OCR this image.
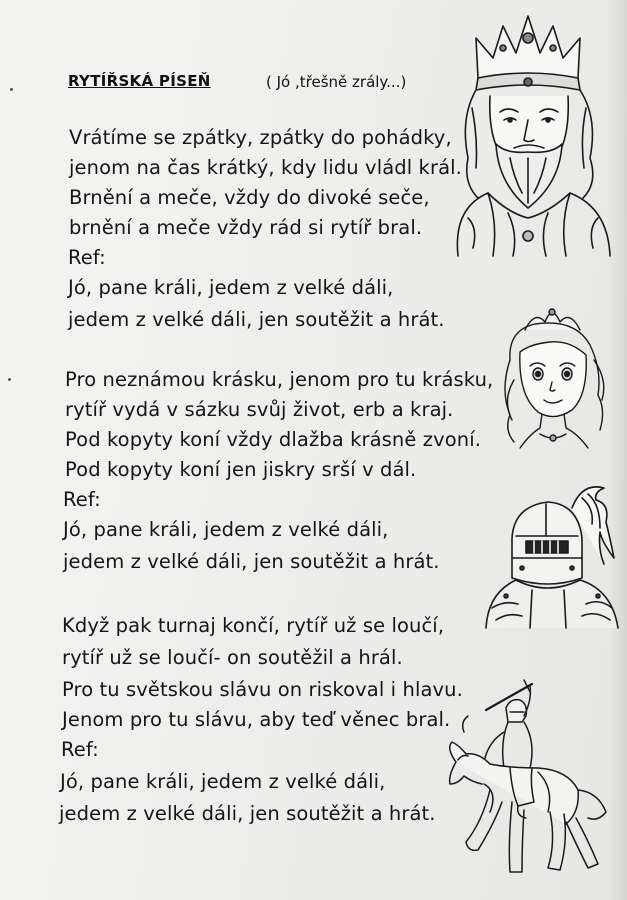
RYTÍŘSKÁ PÍSEŇ	( Jó ,třešně zrály...)
Vrátíme se zpátky, zpátky do pohádky,
jenom na čas krátký, kdy lidu vládl král.
Brnění a meče, vždy do divoké seče,
brnění a meče vždy rád si rytíř bral.
Ref:
Jó, pane králi, jedem z velké dáli,
jedem z velké dáli, jen soutěžit a hrát.
Pro neznámou krásku, jenom pro tu krásku,
rytíř vydá v sázku svůj život, erb a kraj.
Pod kopyty koní vždy dlažba krásně zvoní.
Pod kopyty koní jen jiskry srší v dál.
Ref:
Jó, pane králi, jedem z velké dáli,
jedem z velké dáli, jen soutěžit a hrát.
Když pak turnaj končí, rytíř už se loučí,
rytíř už se loučí- on soutěžil a hrál.
Pro tu světskou slávu on riskoval i hlavu.
Jenom pro tu slávu, aby teď věnec bral.
Ref:
Jó, pane králi, jedem z velké dáli,
jedem z velké dáli, jen soutěžit a hrát.
